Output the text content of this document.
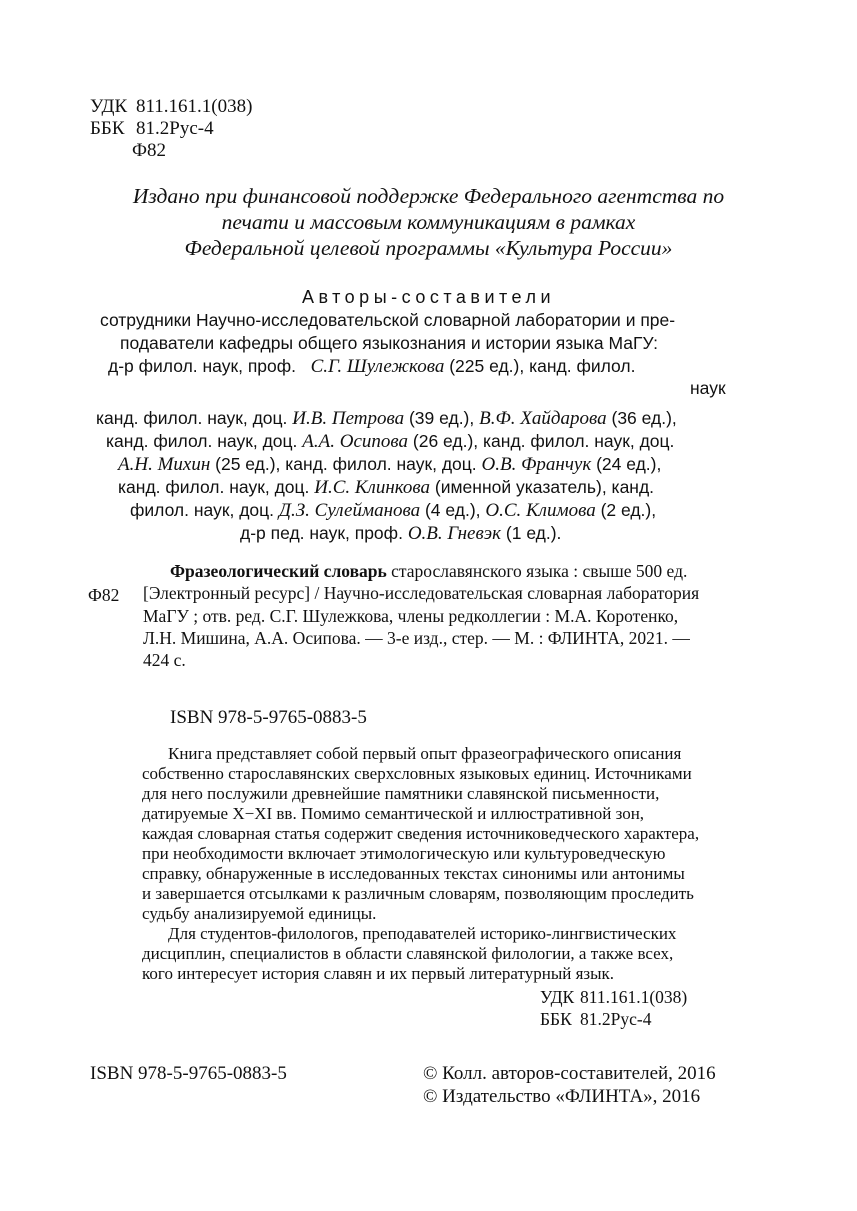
УДК 811.161.1(038)
ББК 81.2Рус-4
Ф82
Издано при финансовой поддержке Федерального агентства по
печати и массовым коммуникациям в рамках
Федеральной целевой программы «Культура России»
Авторы-составители
сотрудники Научно-исследовательской словарной лаборатории и пре-
подаватели кафедры общего языкознания и истории языка МаГУ:
д-р филол. наук, проф. С.Г. Шулежкова (225 ед.), канд. филол.
наук
канд. филол. наук, доц. И.В. Петрова (39 ед.), В.Ф. Хайдарова (36 ед.),
канд. филол. наук, доц. А.А. Осипова (26 ед.), канд. филол. наук, доц.
А.Н. Михин (25 ед.), канд. филол. наук, доц. О.В. Франчук (24 ед.),
канд. филол. наук, доц. И.С. Клинкова (именной указатель), канд.
филол. наук, доц. Д.З. Сулейманова (4 ед.), О.С. Климова (2 ед.),
д-р пед. наук, проф. О.В. Гневэк (1 ед.).
Ф82
Фразеологический словарь старославянского языка : свыше 500 ед.
[Электронный ресурс] / Научно-исследовательская словарная лаборатория
МаГУ ; отв. ред. С.Г. Шулежкова, члены редколлегии : М.А. Коротенко,
Л.Н. Мишина, А.А. Осипова. — 3-е изд., стер. — М. : ФЛИНТА, 2021. —
424 с.
ISBN 978-5-9765-0883-5
Книга представляет собой первый опыт фразеографического описания
собственно старославянских сверхсловных языковых единиц. Источниками
для него послужили древнейшие памятники славянской письменности,
датируемые X−XI вв. Помимо семантической и иллюстративной зон,
каждая словарная статья содержит сведения источниковедческого характера,
при необходимости включает этимологическую или культуроведческую
справку, обнаруженные в исследованных текстах синонимы или антонимы
и завершается отсылками к различным словарям, позволяющим проследить
судьбу анализируемой единицы.
Для студентов-филологов, преподавателей историко-лингвистических
дисциплин, специалистов в области славянской филологии, а также всех,
кого интересует история славян и их первый литературный язык.
УДК 811.161.1(038)
ББК 81.2Рус-4
ISBN 978-5-9765-0883-5	© Колл. авторов-составителей, 2016
© Издательство «ФЛИНТА», 2016
